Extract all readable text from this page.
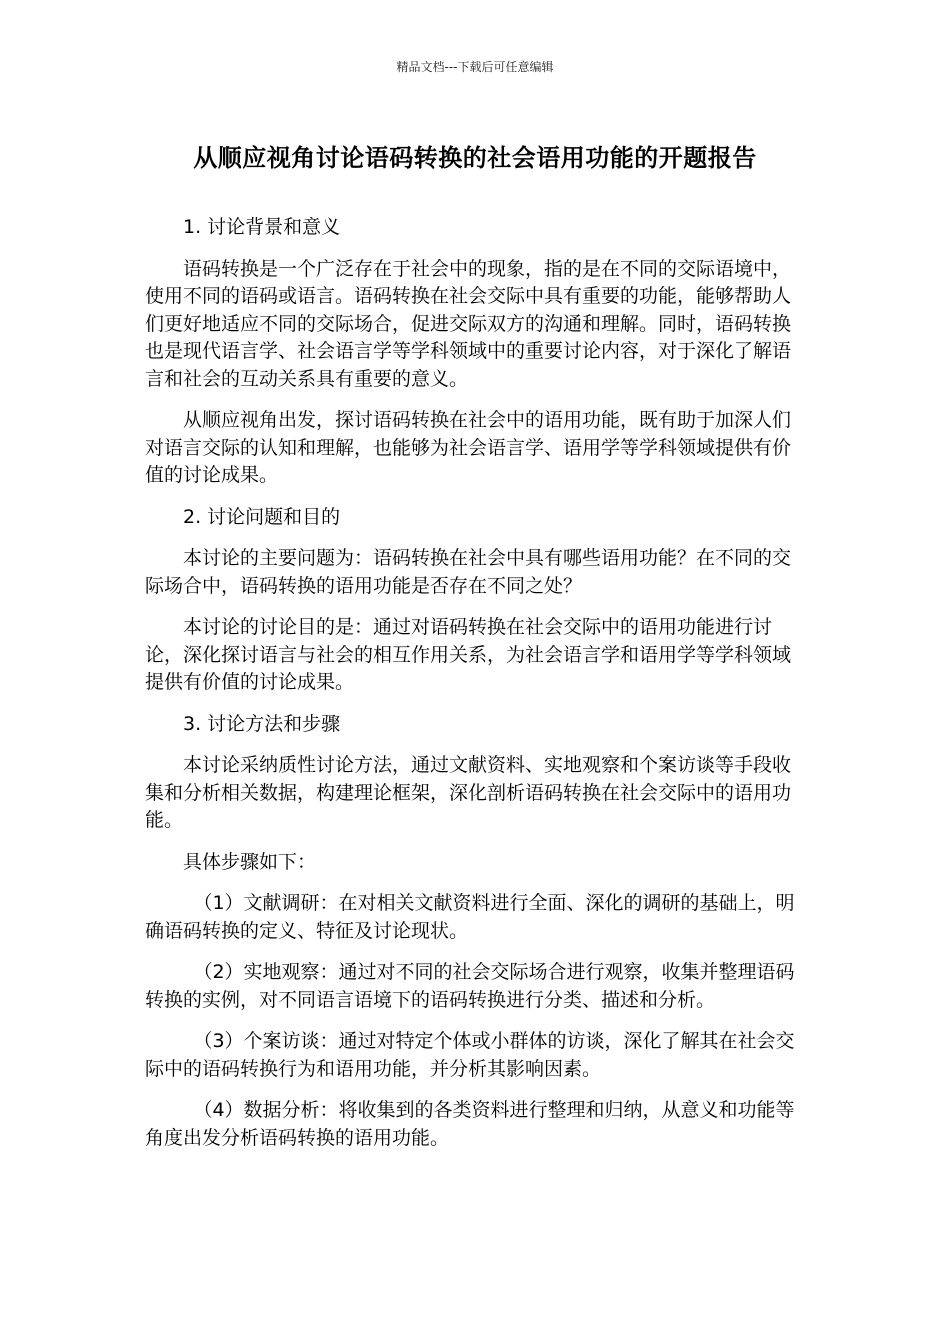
精品文档---下载后可任意编辑
从顺应视角讨论语码转换的社会语用功能的开题报告
1. 讨论背景和意义
语码转换是一个广泛存在于社会中的现象，指的是在不同的交际语境中，使用不同的语码或语言。语码转换在社会交际中具有重要的功能，能够帮助人们更好地适应不同的交际场合，促进交际双方的沟通和理解。同时，语码转换也是现代语言学、社会语言学等学科领域中的重要讨论内容，对于深化了解语言和社会的互动关系具有重要的意义。
从顺应视角出发，探讨语码转换在社会中的语用功能，既有助于加深人们对语言交际的认知和理解，也能够为社会语言学、语用学等学科领域提供有价值的讨论成果。
2. 讨论问题和目的
本讨论的主要问题为：语码转换在社会中具有哪些语用功能？在不同的交际场合中，语码转换的语用功能是否存在不同之处？
本讨论的讨论目的是：通过对语码转换在社会交际中的语用功能进行讨论，深化探讨语言与社会的相互作用关系，为社会语言学和语用学等学科领域提供有价值的讨论成果。
3. 讨论方法和步骤
本讨论采纳质性讨论方法，通过文献资料、实地观察和个案访谈等手段收集和分析相关数据，构建理论框架，深化剖析语码转换在社会交际中的语用功能。
具体步骤如下：
（1）文献调研：在对相关文献资料进行全面、深化的调研的基础上，明确语码转换的定义、特征及讨论现状。
（2）实地观察：通过对不同的社会交际场合进行观察，收集并整理语码转换的实例，对不同语言语境下的语码转换进行分类、描述和分析。
（3）个案访谈：通过对特定个体或小群体的访谈，深化了解其在社会交际中的语码转换行为和语用功能，并分析其影响因素。
（4）数据分析：将收集到的各类资料进行整理和归纳，从意义和功能等角度出发分析语码转换的语用功能。
